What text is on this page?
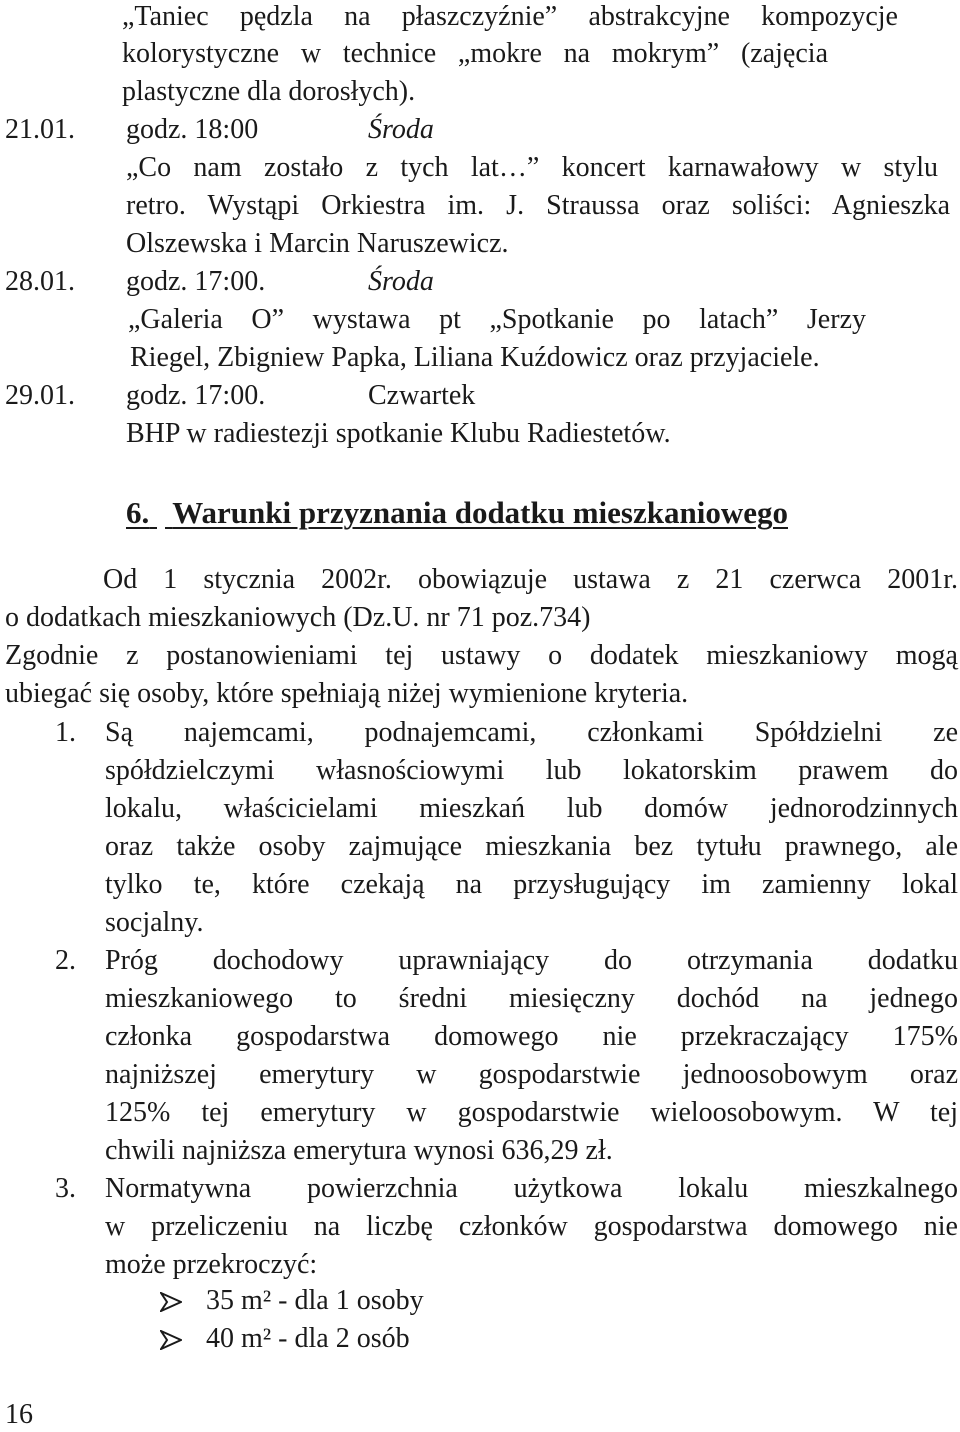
„Taniec pędzla na płaszczyźnie” abstrakcyjne kompozycje
kolorystyczne w technice „mokre na mokrym” (zajęcia
plastyczne dla dorosłych).
21.01. godz. 18:00	Środa
„Co nam zostało z tych lat…” koncert karnawałowy w stylu
retro. Wystąpi Orkiestra im. J. Straussa oraz soliści: Agnieszka
Olszewska i Marcin Naruszewicz.
28.01. godz. 17:00.	Środa
„Galeria O” wystawa pt „Spotkanie po latach” Jerzy
Riegel, Zbigniew Papka, Liliana Kuźdowicz oraz przyjaciele.
29.01. godz. 17:00.	Czwartek
BHP w radiestezji spotkanie Klubu Radiestetów.
6. Warunki przyznania dodatku mieszkaniowego
Od 1 stycznia 2002r. obowiązuje ustawa z 21 czerwca 2001r.
o dodatkach mieszkaniowych (Dz.U. nr 71 poz.734)
Zgodnie z postanowieniami tej ustawy o dodatek mieszkaniowy mogą
ubiegać się osoby, które spełniają niżej wymienione kryteria.
1. Są najemcami, podnajemcami, członkami Spółdzielni ze
spółdzielczymi własnościowymi lub lokatorskim prawem do
lokalu, właścicielami mieszkań lub domów jednorodzinnych
oraz także osoby zajmujące mieszkania bez tytułu prawnego, ale
tylko te, które czekają na przysługujący im zamienny lokal
socjalny.
2. Próg dochodowy uprawniający do otrzymania dodatku
mieszkaniowego to średni miesięczny dochód na jednego
członka gospodarstwa domowego nie przekraczający 175%
najniższej emerytury w gospodarstwie jednoosobowym oraz
125% tej emerytury w gospodarstwie wieloosobowym. W tej
chwili najniższa emerytura wynosi 636,29 zł.
3. Normatywna powierzchnia użytkowa lokalu mieszkalnego
w przeliczeniu na liczbę członków gospodarstwa domowego nie
może przekroczyć:
35 m² - dla 1 osoby
40 m² - dla 2 osób
16
